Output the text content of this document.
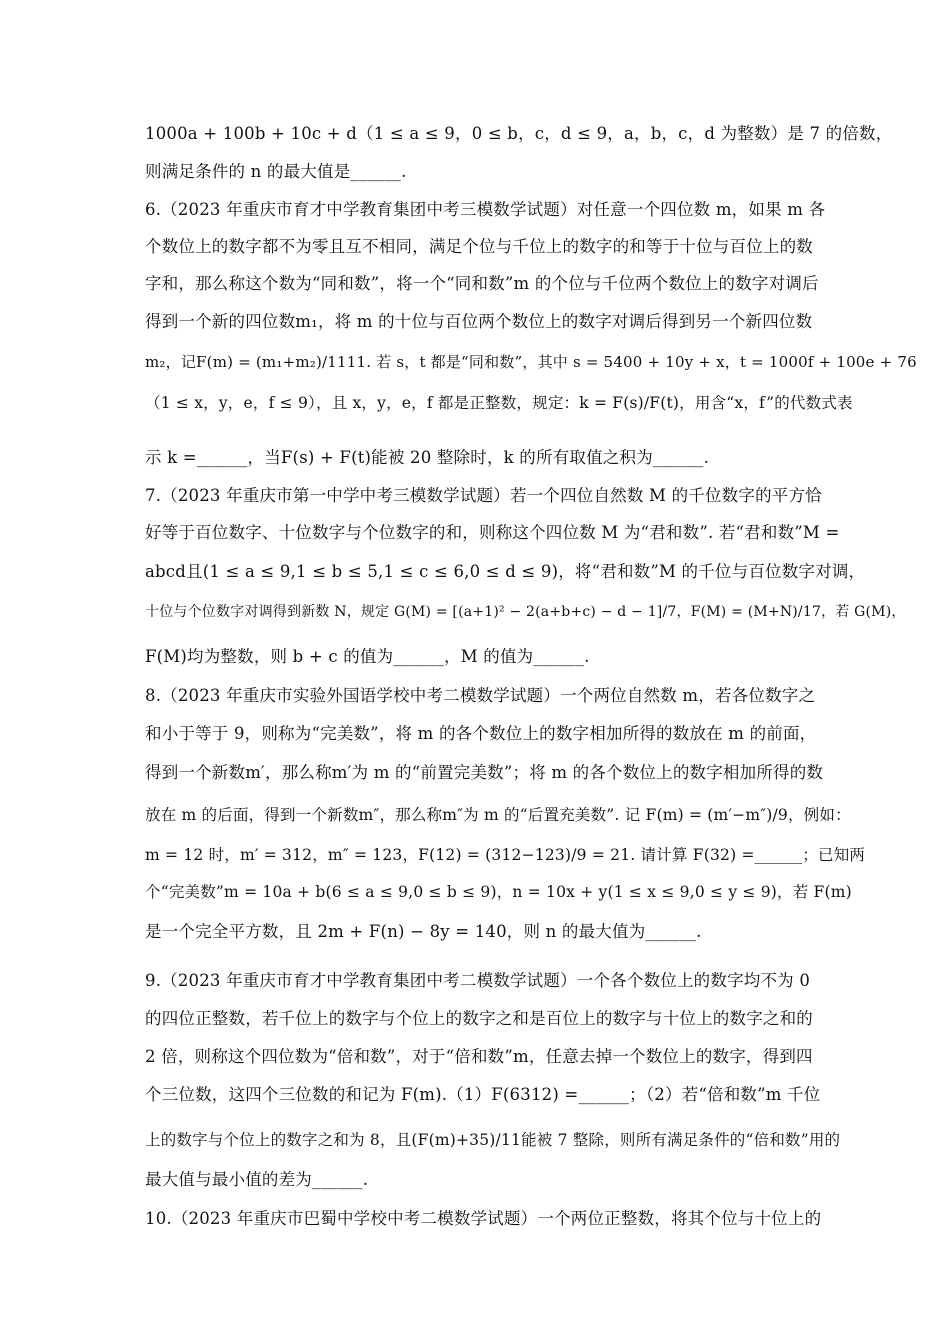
1000a + 100b + 10c + d（1 ≤ a ≤ 9，0 ≤ b，c，d ≤ 9，a，b，c，d 为整数）是 7 的倍数，
则满足条件的 n 的最大值是______.
6.（2023 年重庆市育才中学教育集团中考三模数学试题）对任意一个四位数 m，如果 m 各
个数位上的数字都不为零且互不相同，满足个位与千位上的数字的和等于十位与百位上的数
字和，那么称这个数为“同和数”，将一个“同和数”m 的个位与千位两个数位上的数字对调后
得到一个新的四位数m₁，将 m 的十位与百位两个数位上的数字对调后得到另一个新四位数
m₂，记F(m) = (m₁+m₂)/1111. 若 s，t 都是“同和数”，其中 s = 5400 + 10y + x，t = 1000f + 100e + 76
（1 ≤ x，y，e，f ≤ 9），且 x，y，e，f 都是正整数，规定：k = F(s)/F(t)，用含“x，f”的代数式表
示 k =______，当F(s) + F(t)能被 20 整除时，k 的所有取值之积为______.
7.（2023 年重庆市第一中学中考三模数学试题）若一个四位自然数 M 的千位数字的平方恰
好等于百位数字、十位数字与个位数字的和，则称这个四位数 M 为“君和数”. 若“君和数”M =
abcd且(1 ≤ a ≤ 9,1 ≤ b ≤ 5,1 ≤ c ≤ 6,0 ≤ d ≤ 9)，将“君和数”M 的千位与百位数字对调，
十位与个位数字对调得到新数 N，规定 G(M) = [(a+1)² − 2(a+b+c) − d − 1]/7，F(M) = (M+N)/17，若 G(M)，
F(M)均为整数，则 b + c 的值为______，M 的值为______.
8.（2023 年重庆市实验外国语学校中考二模数学试题）一个两位自然数 m，若各位数字之
和小于等于 9，则称为“完美数”，将 m 的各个数位上的数字相加所得的数放在 m 的前面，
得到一个新数m′，那么称m′为 m 的“前置完美数”；将 m 的各个数位上的数字相加所得的数
放在 m 的后面，得到一个新数m″，那么称m″为 m 的“后置充美数”. 记 F(m) = (m′−m″)/9，例如：
m = 12 时，m′ = 312，m″ = 123，F(12) = (312−123)/9 = 21. 请计算 F(32) =______；已知两
个“完美数”m = 10a + b(6 ≤ a ≤ 9,0 ≤ b ≤ 9)，n = 10x + y(1 ≤ x ≤ 9,0 ≤ y ≤ 9)，若 F(m)
是一个完全平方数，且 2m + F(n) − 8y = 140，则 n 的最大值为______.
9.（2023 年重庆市育才中学教育集团中考二模数学试题）一个各个数位上的数字均不为 0
的四位正整数，若千位上的数字与个位上的数字之和是百位上的数字与十位上的数字之和的
2 倍，则称这个四位数为“倍和数”，对于“倍和数”m，任意去掉一个数位上的数字，得到四
个三位数，这四个三位数的和记为 F(m).（1）F(6312) =______；（2）若“倍和数”m 千位
上的数字与个位上的数字之和为 8，且(F(m)+35)/11能被 7 整除，则所有满足条件的“倍和数”用的
最大值与最小值的差为______.
10.（2023 年重庆市巴蜀中学校中考二模数学试题）一个两位正整数，将其个位与十位上的
